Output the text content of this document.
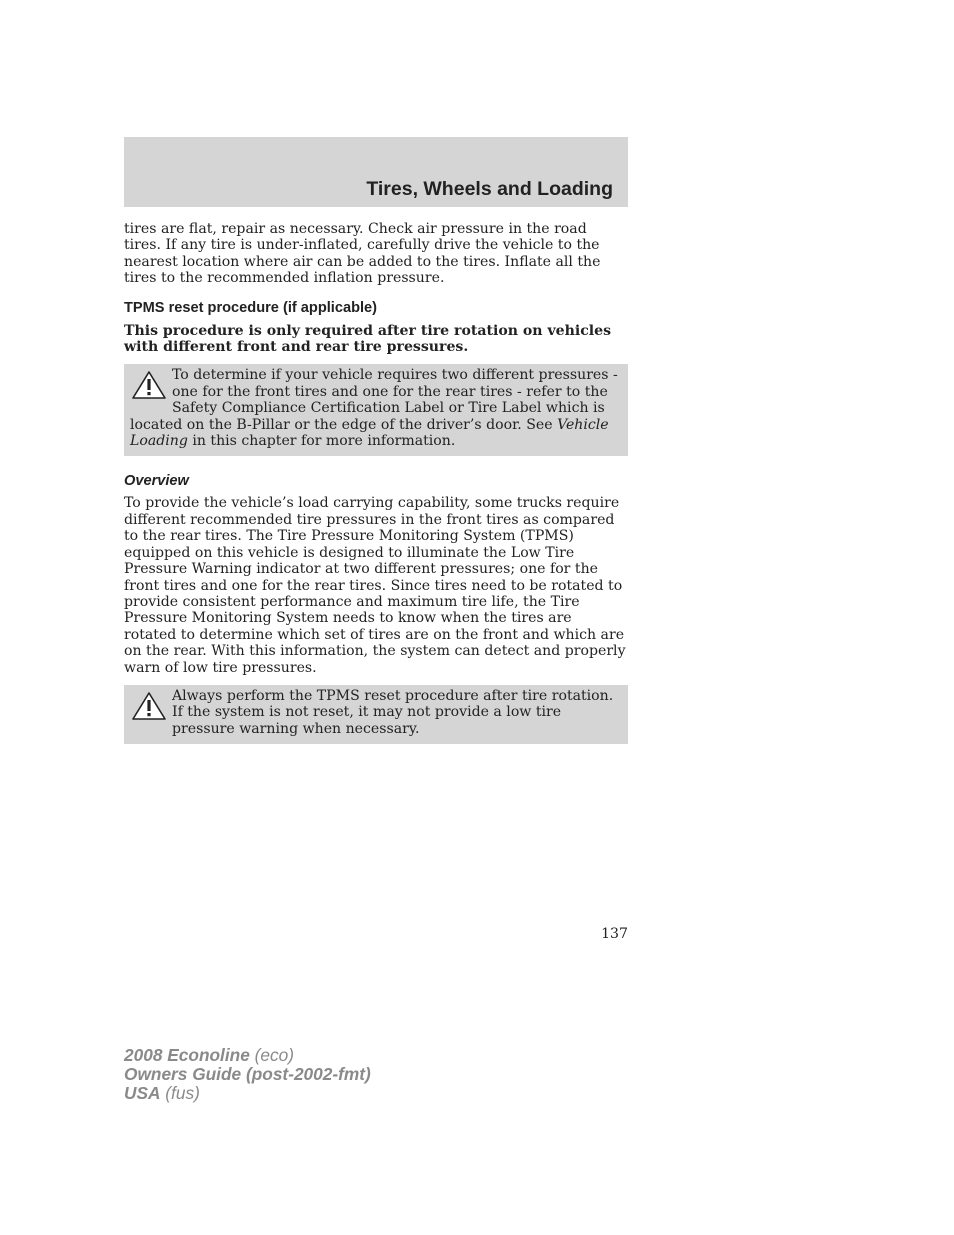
Tires, Wheels and Loading

tires are flat, repair as necessary. Check air pressure in the road tires. If any tire is under-inflated, carefully drive the vehicle to the nearest location where air can be added to the tires. Inflate all the tires to the recommended inflation pressure.

TPMS reset procedure (if applicable)

This procedure is only required after tire rotation on vehicles with different front and rear tire pressures.

To determine if your vehicle requires two different pressures - one for the front tires and one for the rear tires - refer to the Safety Compliance Certification Label or Tire Label which is located on the B-Pillar or the edge of the driver’s door. See Vehicle Loading in this chapter for more information.

Overview

To provide the vehicle’s load carrying capability, some trucks require different recommended tire pressures in the front tires as compared to the rear tires. The Tire Pressure Monitoring System (TPMS) equipped on this vehicle is designed to illuminate the Low Tire Pressure Warning indicator at two different pressures; one for the front tires and one for the rear tires. Since tires need to be rotated to provide consistent performance and maximum tire life, the Tire Pressure Monitoring System needs to know when the tires are rotated to determine which set of tires are on the front and which are on the rear. With this information, the system can detect and properly warn of low tire pressures.

Always perform the TPMS reset procedure after tire rotation. If the system is not reset, it may not provide a low tire pressure warning when necessary.

137
2008 Econoline (eco)
Owners Guide (post-2002-fmt)
USA (fus)
